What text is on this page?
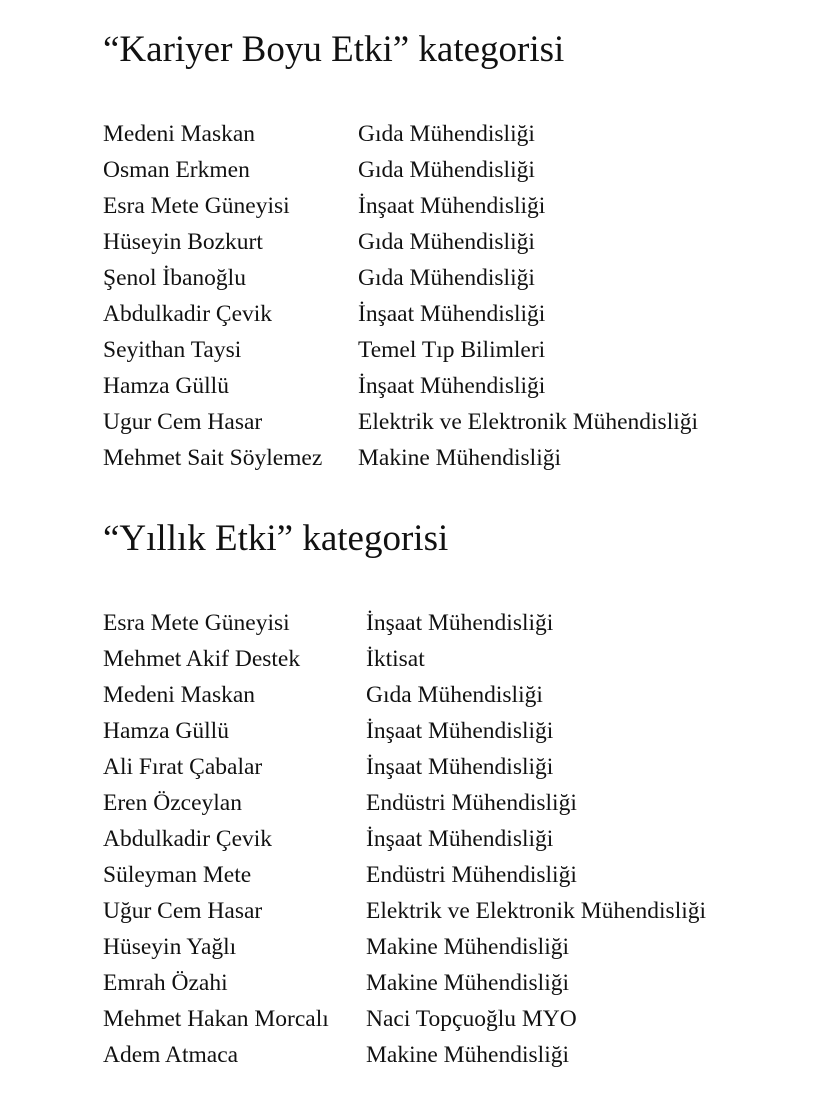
“Kariyer Boyu Etki” kategorisi
Medeni Maskan	Gıda Mühendisliği
Osman Erkmen	Gıda Mühendisliği
Esra Mete Güneyisi	İnşaat Mühendisliği
Hüseyin Bozkurt	Gıda Mühendisliği
Şenol İbanoğlu	Gıda Mühendisliği
Abdulkadir Çevik	İnşaat Mühendisliği
Seyithan Taysi	Temel Tıp Bilimleri
Hamza Güllü	İnşaat Mühendisliği
Ugur Cem Hasar	Elektrik ve Elektronik Mühendisliği
Mehmet Sait Söylemez	Makine Mühendisliği
“Yıllık Etki” kategorisi
Esra Mete Güneyisi	İnşaat Mühendisliği
Mehmet Akif Destek	İktisat
Medeni Maskan	Gıda Mühendisliği
Hamza Güllü	İnşaat Mühendisliği
Ali Fırat Çabalar	İnşaat Mühendisliği
Eren Özceylan	Endüstri Mühendisliği
Abdulkadir Çevik	İnşaat Mühendisliği
Süleyman Mete	Endüstri Mühendisliği
Uğur Cem Hasar	Elektrik ve Elektronik Mühendisliği
Hüseyin Yağlı	Makine Mühendisliği
Emrah Özahi	Makine Mühendisliği
Mehmet Hakan Morcalı	Naci Topçuoğlu MYO
Adem Atmaca	Makine Mühendisliği
